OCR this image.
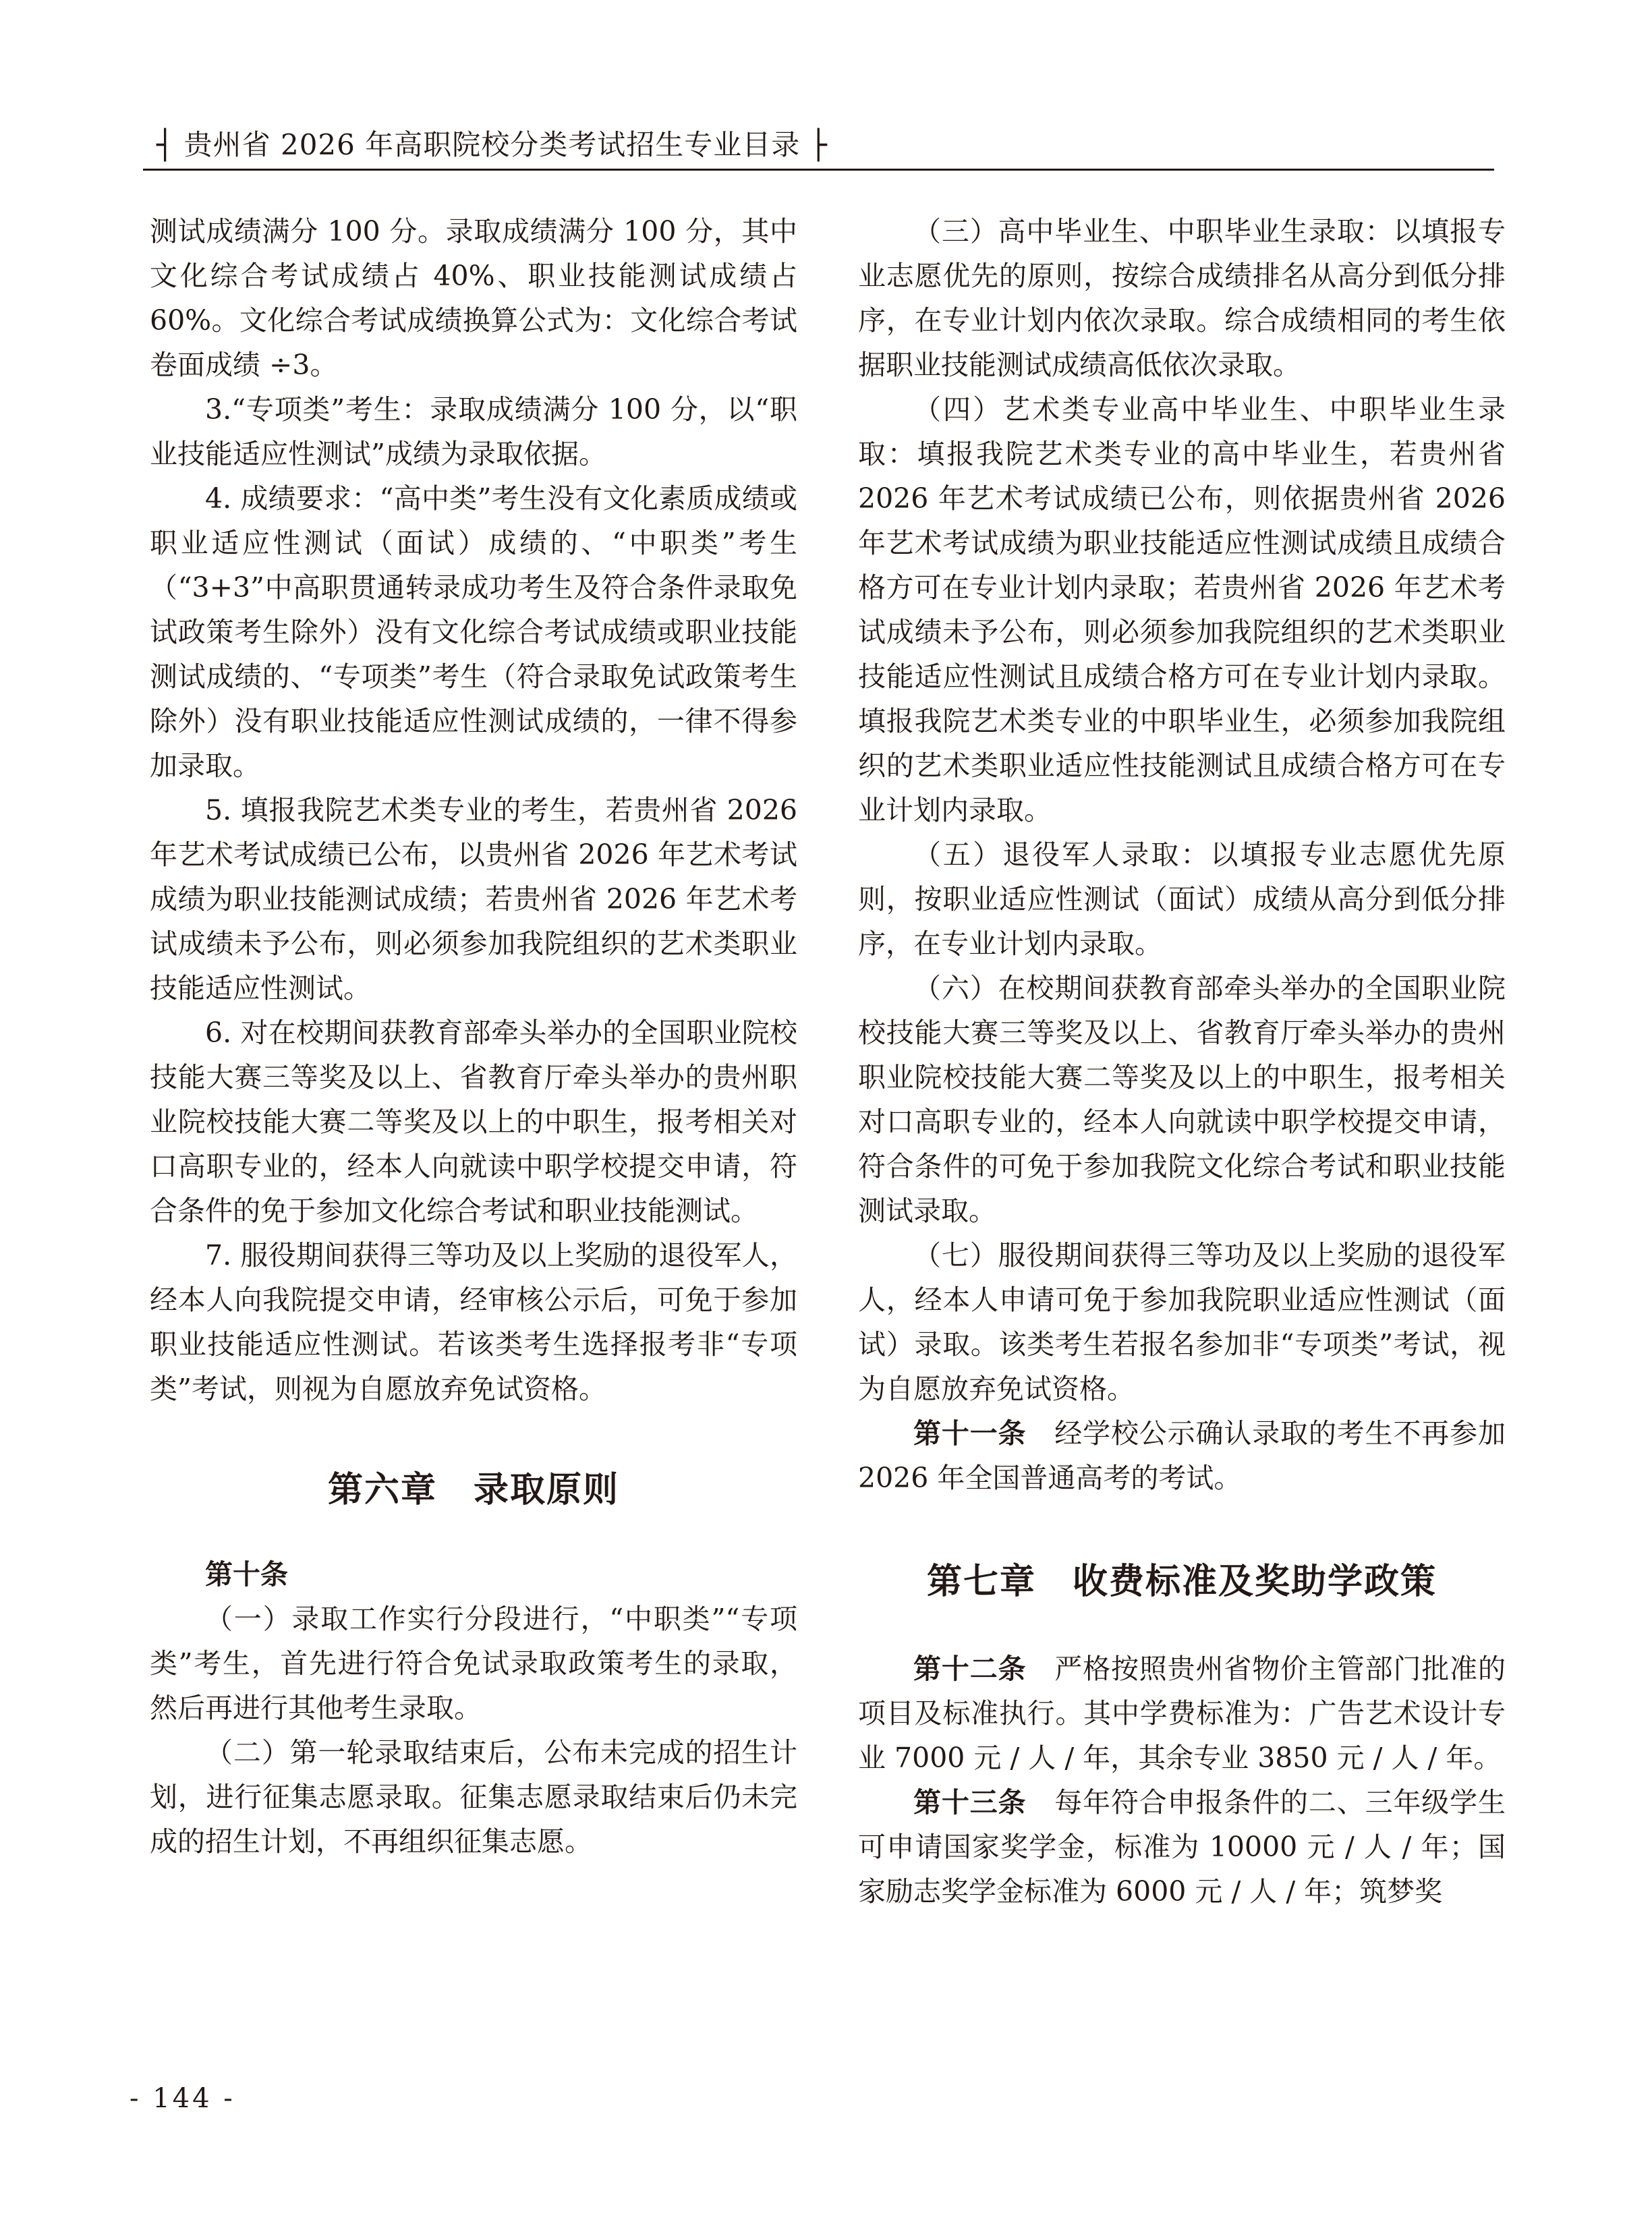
┤ 贵州省 2026 年高职院校分类考试招生专业目录 ├

测试成绩满分 100 分。录取成绩满分 100 分，其中文化综合考试成绩占 40%、职业技能测试成绩占 60%。文化综合考试成绩换算公式为：文化综合考试卷面成绩 ÷3。

3.“专项类”考生：录取成绩满分 100 分，以“职业技能适应性测试”成绩为录取依据。

4. 成绩要求：“高中类”考生没有文化素质成绩或职业适应性测试（面试）成绩的、“中职类”考生（“3+3”中高职贯通转录成功考生及符合条件录取免试政策考生除外）没有文化综合考试成绩或职业技能测试成绩的、“专项类”考生（符合录取免试政策考生除外）没有职业技能适应性测试成绩的，一律不得参加录取。

5. 填报我院艺术类专业的考生，若贵州省 2026 年艺术考试成绩已公布，以贵州省 2026 年艺术考试成绩为职业技能测试成绩；若贵州省 2026 年艺术考试成绩未予公布，则必须参加我院组织的艺术类职业技能适应性测试。

6. 对在校期间获教育部牵头举办的全国职业院校技能大赛三等奖及以上、省教育厅牵头举办的贵州职业院校技能大赛二等奖及以上的中职生，报考相关对口高职专业的，经本人向就读中职学校提交申请，符合条件的免于参加文化综合考试和职业技能测试。

7. 服役期间获得三等功及以上奖励的退役军人，经本人向我院提交申请，经审核公示后，可免于参加职业技能适应性测试。若该类考生选择报考非“专项类”考试，则视为自愿放弃免试资格。

第六章　录取原则

第十条

（一）录取工作实行分段进行，“中职类”“专项类”考生，首先进行符合免试录取政策考生的录取，然后再进行其他考生录取。

（二）第一轮录取结束后，公布未完成的招生计划，进行征集志愿录取。征集志愿录取结束后仍未完成的招生计划，不再组织征集志愿。

（三）高中毕业生、中职毕业生录取：以填报专业志愿优先的原则，按综合成绩排名从高分到低分排序，在专业计划内依次录取。综合成绩相同的考生依据职业技能测试成绩高低依次录取。

（四）艺术类专业高中毕业生、中职毕业生录取：填报我院艺术类专业的高中毕业生，若贵州省 2026 年艺术考试成绩已公布，则依据贵州省 2026 年艺术考试成绩为职业技能适应性测试成绩且成绩合格方可在专业计划内录取；若贵州省 2026 年艺术考试成绩未予公布，则必须参加我院组织的艺术类职业技能适应性测试且成绩合格方可在专业计划内录取。填报我院艺术类专业的中职毕业生，必须参加我院组织的艺术类职业适应性技能测试且成绩合格方可在专业计划内录取。

（五）退役军人录取：以填报专业志愿优先原则，按职业适应性测试（面试）成绩从高分到低分排序，在专业计划内录取。

（六）在校期间获教育部牵头举办的全国职业院校技能大赛三等奖及以上、省教育厅牵头举办的贵州职业院校技能大赛二等奖及以上的中职生，报考相关对口高职专业的，经本人向就读中职学校提交申请，符合条件的可免于参加我院文化综合考试和职业技能测试录取。

（七）服役期间获得三等功及以上奖励的退役军人，经本人申请可免于参加我院职业适应性测试（面试）录取。该类考生若报名参加非“专项类”考试，视为自愿放弃免试资格。

第十一条　经学校公示确认录取的考生不再参加 2026 年全国普通高考的考试。

第七章　收费标准及奖助学政策

第十二条　严格按照贵州省物价主管部门批准的项目及标准执行。其中学费标准为：广告艺术设计专业 7000 元 / 人 / 年，其余专业 3850 元 / 人 / 年。

第十三条　每年符合申报条件的二、三年级学生可申请国家奖学金，标准为 10000 元 / 人 / 年；国家励志奖学金标准为 6000 元 / 人 / 年；筑梦奖

- 144 -
